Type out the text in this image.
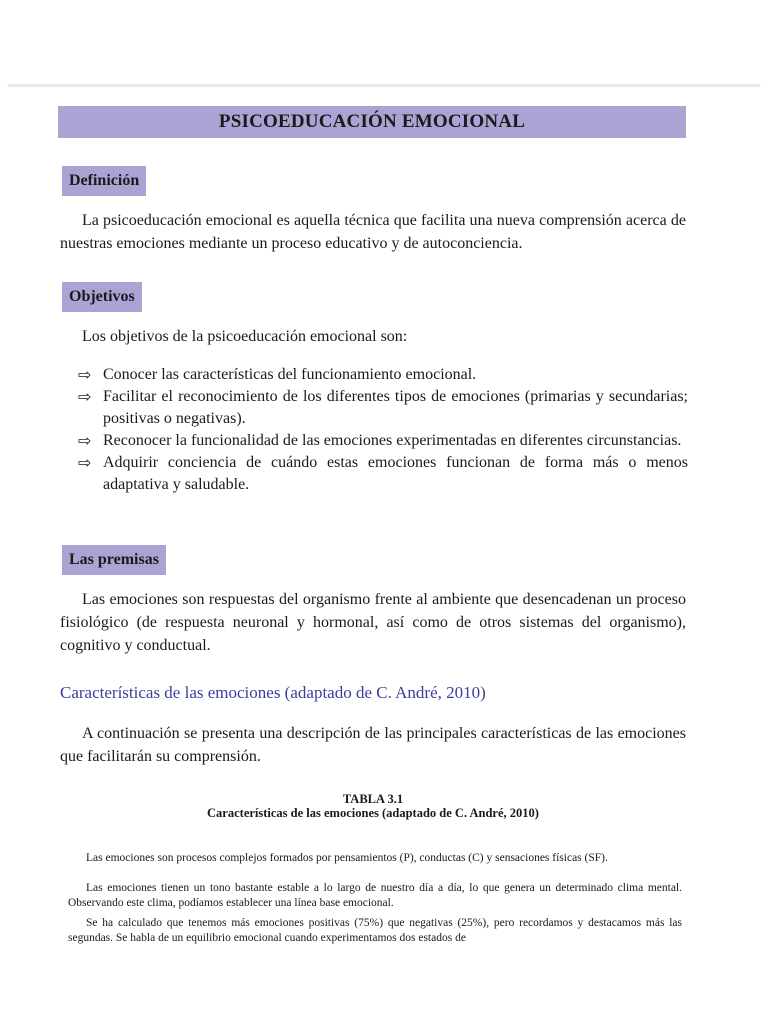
PSICOEDUCACIÓN EMOCIONAL
Definición

La psicoeducación emocional es aquella técnica que facilita una nueva comprensión acerca de nuestras emociones mediante un proceso educativo y de autoconciencia.

Objetivos

Los objetivos de la psicoeducación emocional son:

⇨ Conocer las características del funcionamiento emocional.
⇨ Facilitar el reconocimiento de los diferentes tipos de emociones (primarias y secundarias; positivas o negativas).
⇨ Reconocer la funcionalidad de las emociones experimentadas en diferentes circunstancias.
⇨ Adquirir conciencia de cuándo estas emociones funcionan de forma más o menos adaptativa y saludable.
Las premisas

Las emociones son respuestas del organismo frente al ambiente que desencadenan un proceso fisiológico (de respuesta neuronal y hormonal, así como de otros sistemas del organismo), cognitivo y conductual.

Características de las emociones (adaptado de C. André, 2010)

A continuación se presenta una descripción de las principales características de las emociones que facilitarán su comprensión.

TABLA 3.1
Características de las emociones (adaptado de C. André, 2010)

Las emociones son procesos complejos formados por pensamientos (P), conductas (C) y sensaciones físicas (SF).

Las emociones tienen un tono bastante estable a lo largo de nuestro día a día, lo que genera un determinado clima mental. Observando este clima, podíamos establecer una línea base emocional.

Se ha calculado que tenemos más emociones positivas (75%) que negativas (25%), pero recordamos y destacamos más las segundas. Se habla de un equilibrio emocional cuando experimentamos dos estados de
